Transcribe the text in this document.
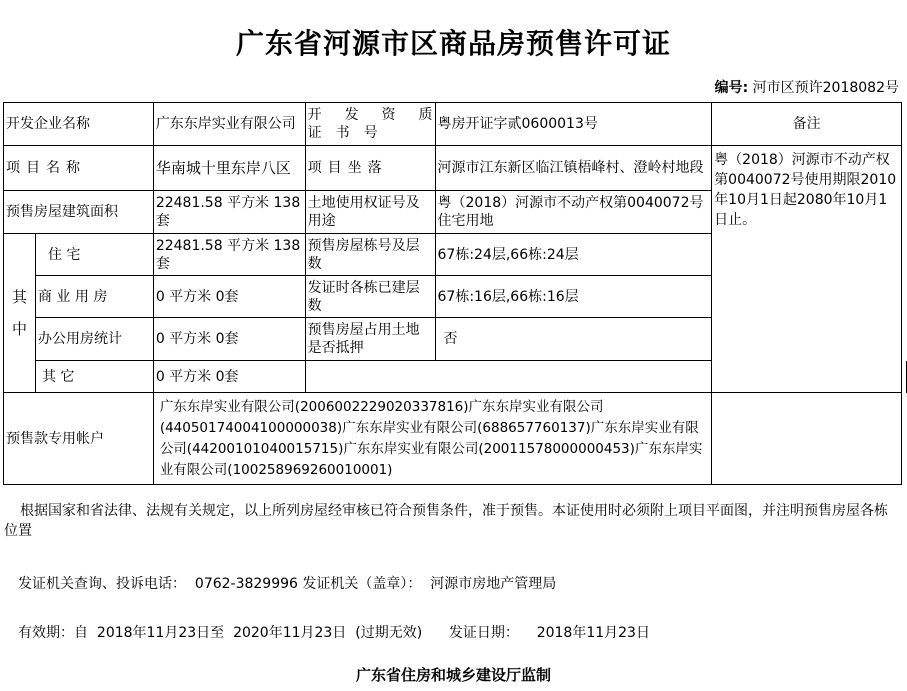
广东省河源市区商品房预售许可证
编号: 河市区预许2018082号
开发企业名称		广东东岸实业有限公司	开　发　资　质　证　书　号	粤房开证字贰0600013号	备注	
项目名称		华南城十里东岸八区	项目坐落	河源市江东新区临江镇梧峰村、澄岭村地段	粤（2018）河源市不动产权第0040072号使用期限2010年10月1日起2080年10月1日止。	
预售房屋建筑面积		22481.58 平方米 138套	土地使用权证号及用途	粤（2018）河源市不动产权第0040072号 住宅用地		

其中	住 宅	22481.58 平方米 138套	预售房屋栋号及层数	67栋:24层,66栋:24层		
	商 业 用 房	0 平方米 0套	发证时各栋已建层数	67栋:16层,66栋:16层		
	办公用房统计	0 平方米 0套	预售房屋占用土地是否抵押	否		
	其 它	0 平方米 0套				
预售款专用帐户		广东东岸实业有限公司(2006002229020337816)广东东岸实业有限公司(44050174004100000038)广东东岸实业有限公司(688657760137)广东东岸实业有限公司(44200101040015715)广东东岸实业有限公司(20011578000000453)广东东岸实业有限公司(100258969260010001)				
根据国家和省法律、法规有关规定，以上所列房屋经审核已符合预售条件，准于预售。本证使用时必须附上项目平面图，并注明预售房屋各栋位置
发证机关查询、投诉电话： 0762-3829996 发证机关（盖章）： 河源市房地产管理局
有效期：自 2018年11月23日至 2020年11月23日 (过期无效) 发证日期： 2018年11月23日
广东省住房和城乡建设厅监制
